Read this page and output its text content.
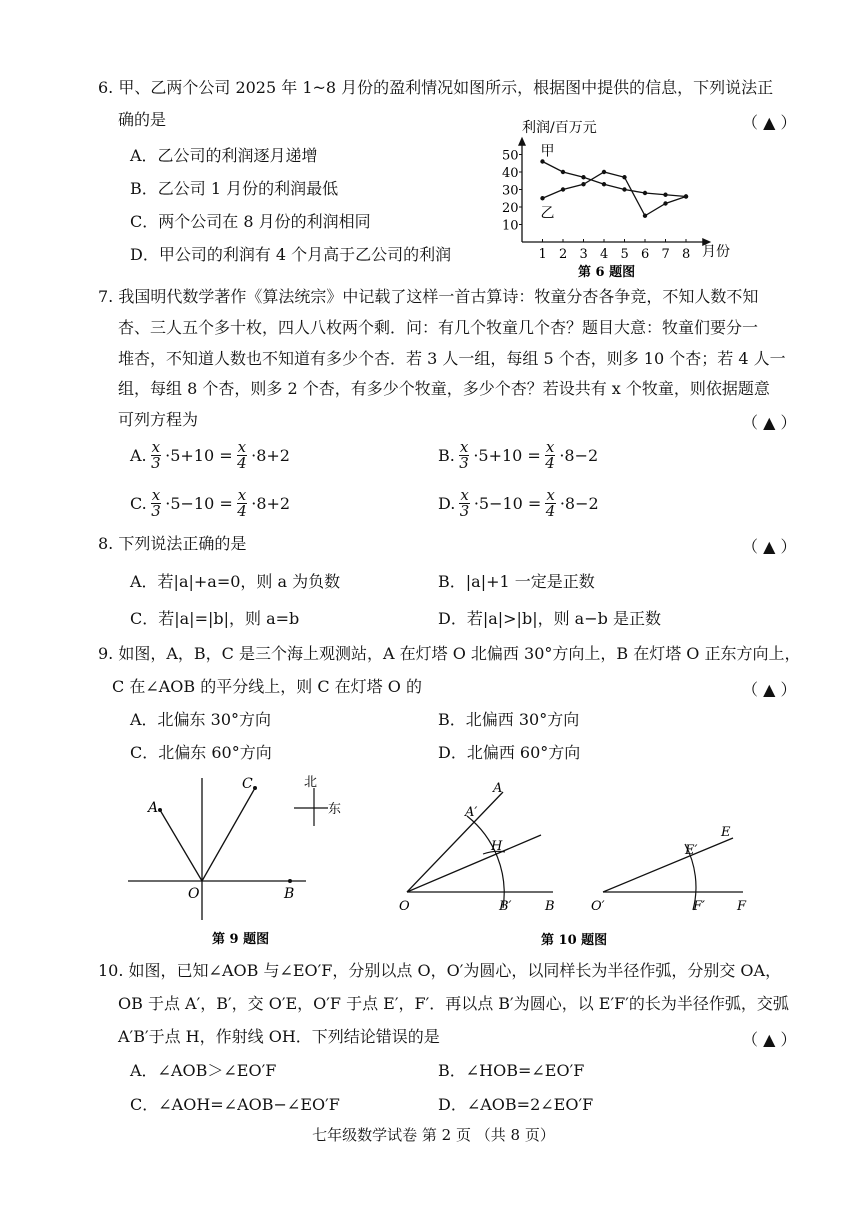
6. 甲、乙两个公司 2025 年 1~8 月份的盈利情况如图所示，根据图中提供的信息，下列说法正
确的是	（ ▲ ）
A．乙公司的利润逐月递增
B．乙公司 1 月份的利润最低
C．两个公司在 8 月份的利润相同
D．甲公司的利润有 4 个月高于乙公司的利润
利润/百万元
月份
第 6 题图
10
20
30
40
50
1 2 3 4 5 6 7 8
甲
乙
7. 我国明代数学著作《算法统宗》中记载了这样一首古算诗：牧童分杏各争竞，不知人数不知
杏、三人五个多十枚，四人八枚两个剩．问：有几个牧童几个杏？题目大意：牧童们要分一
堆杏，不知道人数也不知道有多少个杏．若 3 人一组，每组 5 个杏，则多 10 个杏；若 4 人一
组，每组 8 个杏，则多 2 个杏，有多少个牧童，多少个杏？若设共有 x 个牧童，则依据题意
可列方程为	（ ▲ ）
A. $\frac{x}{3} \cdot 5+10 = \frac{x}{4} \cdot 8+2$	B. $\frac{x}{3} \cdot 5+10 = \frac{x}{4} \cdot 8-2$
C. $\frac{x}{3} \cdot 5-10 = \frac{x}{4} \cdot 8+2$	D. $\frac{x}{3} \cdot 5-10 = \frac{x}{4} \cdot 8-2$
8. 下列说法正确的是	（ ▲ ）
A．若|a|+a=0，则 a 为负数	B．|a|+1 一定是正数
C．若|a|=|b|，则 a=b	D．若|a|>|b|，则 a−b 是正数
9. 如图，A，B，C 是三个海上观测站，A 在灯塔 O 北偏西 30°方向上，B 在灯塔 O 正东方向上，
C 在∠AOB 的平分线上，则 C 在灯塔 O 的	（ ▲ ）
A．北偏东 30°方向	B．北偏西 30°方向
C．北偏东 60°方向	D．北偏西 60°方向
A
C
O	B
北
东
第 9 题图
A
A′
H
O	B′	B
E
E′
O′	F′ F
第 10 题图
10. 如图，已知∠AOB 与∠EO′F，分别以点 O，O′为圆心，以同样长为半径作弧，分别交 OA，
OB 于点 A′，B′，交 O′E，O′F 于点 E′，F′．再以点 B′为圆心，以 E′F′的长为半径作弧，交弧
A′B′于点 H，作射线 OH．下列结论错误的是	（ ▲ ）
A．∠AOB＞∠EO′F	B．∠HOB=∠EO′F
C．∠AOH=∠AOB−∠EO′F	D．∠AOB=2∠EO′F
七年级数学试卷 第 2 页 （共 8 页）
